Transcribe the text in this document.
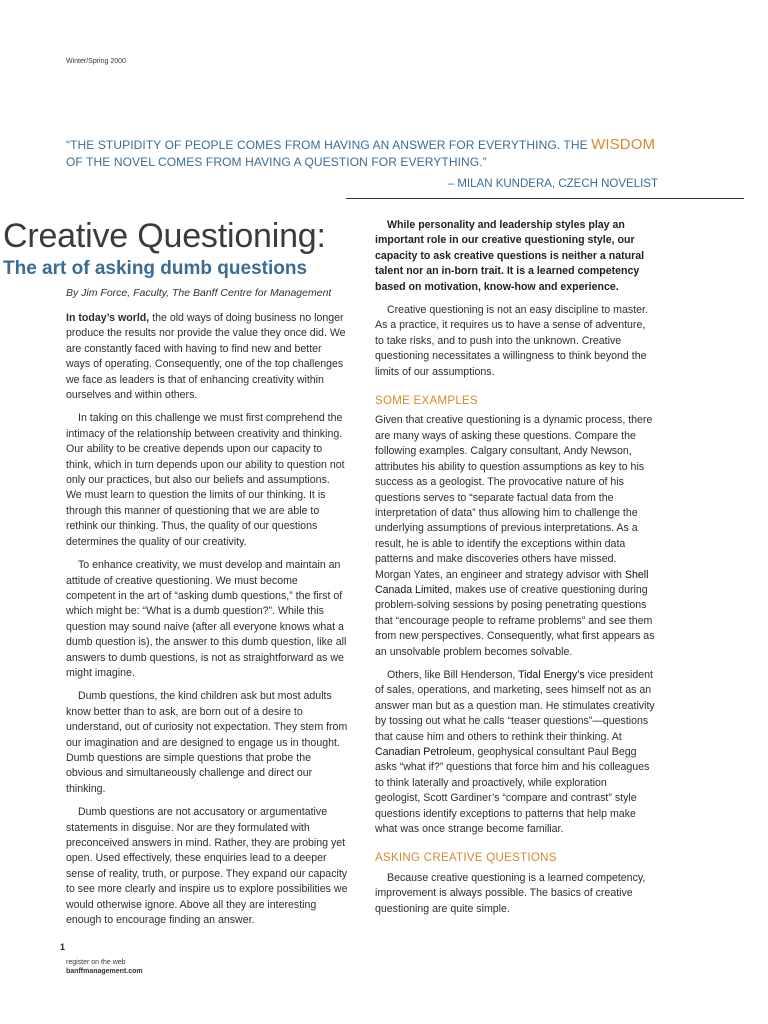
Winter/Spring 2000
“THE STUPIDITY OF PEOPLE COMES FROM HAVING AN ANSWER FOR EVERYTHING. THE WISDOM OF THE NOVEL COMES FROM HAVING A QUESTION FOR EVERYTHING.”
– MILAN KUNDERA, CZECH NOVELIST
Creative Questioning:
The art of asking dumb questions
By Jim Force, Faculty, The Banff Centre for Management

In today’s world, the old ways of doing business no longer produce the results nor provide the value they once did. We are constantly faced with having to find new and better ways of operating. Consequently, one of the top challenges we face as leaders is that of enhancing creativity within ourselves and within others.

In taking on this challenge we must first comprehend the intimacy of the relationship between creativity and thinking. Our ability to be creative depends upon our capacity to think, which in turn depends upon our ability to question not only our practices, but also our beliefs and assumptions. We must learn to question the limits of our thinking. It is through this manner of questioning that we are able to rethink our thinking. Thus, the quality of our questions determines the quality of our creativity.

To enhance creativity, we must develop and maintain an attitude of creative questioning. We must become competent in the art of “asking dumb questions,” the first of which might be: “What is a dumb question?”. While this question may sound naive (after all everyone knows what a dumb question is), the answer to this dumb question, like all answers to dumb questions, is not as straightforward as we might imagine.

Dumb questions, the kind children ask but most adults know better than to ask, are born out of a desire to understand, out of curiosity not expectation. They stem from our imagination and are designed to engage us in thought. Dumb questions are simple questions that probe the obvious and simultaneously challenge and direct our thinking.

Dumb questions are not accusatory or argumentative statements in disguise. Nor are they formulated with preconceived answers in mind. Rather, they are probing yet open. Used effectively, these enquiries lead to a deeper sense of reality, truth, or purpose. They expand our capacity to see more clearly and inspire us to explore possibilities we would otherwise ignore. Above all they are interesting enough to encourage finding an answer.

While personality and leadership styles play an important role in our creative questioning style, our capacity to ask creative questions is neither a natural talent nor an in-born trait. It is a learned competency based on motivation, know-how and experience.

Creative questioning is not an easy discipline to master. As a practice, it requires us to have a sense of adventure, to take risks, and to push into the unknown. Creative questioning necessitates a willingness to think beyond the limits of our assumptions.

SOME EXAMPLES

Given that creative questioning is a dynamic process, there are many ways of asking these questions. Compare the following examples. Calgary consultant, Andy Newson, attributes his ability to question assumptions as key to his success as a geologist. The provocative nature of his questions serves to “separate factual data from the interpretation of data” thus allowing him to challenge the underlying assumptions of previous interpretations. As a result, he is able to identify the exceptions within data patterns and make discoveries others have missed. Morgan Yates, an engineer and strategy advisor with Shell Canada Limited, makes use of creative questioning during problem-solving sessions by posing penetrating questions that “encourage people to reframe problems” and see them from new perspectives. Consequently, what first appears as an unsolvable problem becomes solvable.

Others, like Bill Henderson, Tidal Energy’s vice president of sales, operations, and marketing, sees himself not as an answer man but as a question man. He stimulates creativity by tossing out what he calls “teaser questions”—questions that cause him and others to rethink their thinking. At Canadian Petroleum, geophysical consultant Paul Begg asks “what if?” questions that force him and his colleagues to think laterally and proactively, while exploration geologist, Scott Gardiner’s “compare and contrast” style questions identify exceptions to patterns that help make what was once strange become familiar.

ASKING CREATIVE QUESTIONS

Because creative questioning is a learned competency, improvement is always possible. The basics of creative questioning are quite simple.

1
register on the web
banffmanagement.com
